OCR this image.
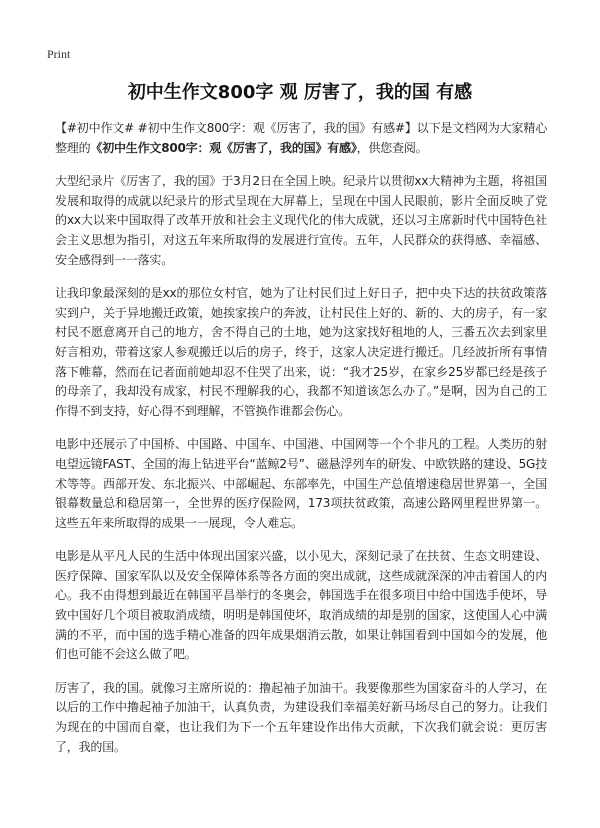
Print
初中生作文800字 观 厉害了，我的国 有感

【#初中作文# #初中生作文800字：观《厉害了，我的国》有感#】以下是文档网为大家精心整理的《初中生作文800字：观《厉害了，我的国》有感》，供您查阅。

大型纪录片《厉害了，我的国》于3月2日在全国上映。纪录片以贯彻xx大精神为主题，将祖国发展和取得的成就以纪录片的形式呈现在大屏幕上，呈现在中国人民眼前，影片全面反映了党的xx大以来中国取得了改革开放和社会主义现代化的伟大成就，还以习主席新时代中国特色社会主义思想为指引，对这五年来所取得的发展进行宣传。五年，人民群众的获得感、幸福感、安全感得到一一落实。

让我印象最深刻的是xx的那位女村官，她为了让村民们过上好日子，把中央下达的扶贫政策落实到户，关于异地搬迁政策，她挨家挨户的奔波，让村民住上好的、新的、大的房子，有一家村民不愿意离开自己的地方，舍不得自己的土地，她为这家找好租地的人，三番五次去到家里好言相劝，带着这家人参观搬迁以后的房子，终于，这家人决定进行搬迁。几经波折所有事情落下帷幕，然而在记者面前她却忍不住哭了出来，说：“我才25岁，在家乡25岁都已经是孩子的母亲了，我却没有成家，村民不理解我的心，我都不知道该怎么办了。”是啊，因为自己的工作得不到支持，好心得不到理解，不管换作谁都会伤心。

电影中还展示了中国桥、中国路、中国车、中国港、中国网等一个个非凡的工程。人类历的射电望远镜FAST、全国的海上钻进平台“蓝鲸2号”、磁悬浮列车的研发、中欧铁路的建设、5G技术等等。西部开发、东北振兴、中部崛起、东部率先，中国生产总值增速稳居世界第一，全国银幕数量总和稳居第一，全世界的医疗保险网，173项扶贫政策，高速公路网里程世界第一。这些五年来所取得的成果一一展现，令人难忘。

电影是从平凡人民的生活中体现出国家兴盛，以小见大，深刻记录了在扶贫、生态文明建设、医疗保障、国家军队以及安全保障体系等各方面的突出成就，这些成就深深的冲击着国人的内心。我不由得想到最近在韩国平昌举行的冬奥会，韩国选手在很多项目中给中国选手使坏，导致中国好几个项目被取消成绩，明明是韩国使坏，取消成绩的却是别的国家，这使国人心中满满的不平，而中国的选手精心准备的四年成果烟消云散，如果让韩国看到中国如今的发展，他们也可能不会这么做了吧。

厉害了，我的国。就像习主席所说的：撸起袖子加油干。我要像那些为国家奋斗的人学习，在以后的工作中撸起袖子加油干，认真负责，为建设我们幸福美好新马场尽自己的努力。让我们为现在的中国而自豪，也让我们为下一个五年建设作出伟大贡献，下次我们就会说：更厉害了，我的国。
